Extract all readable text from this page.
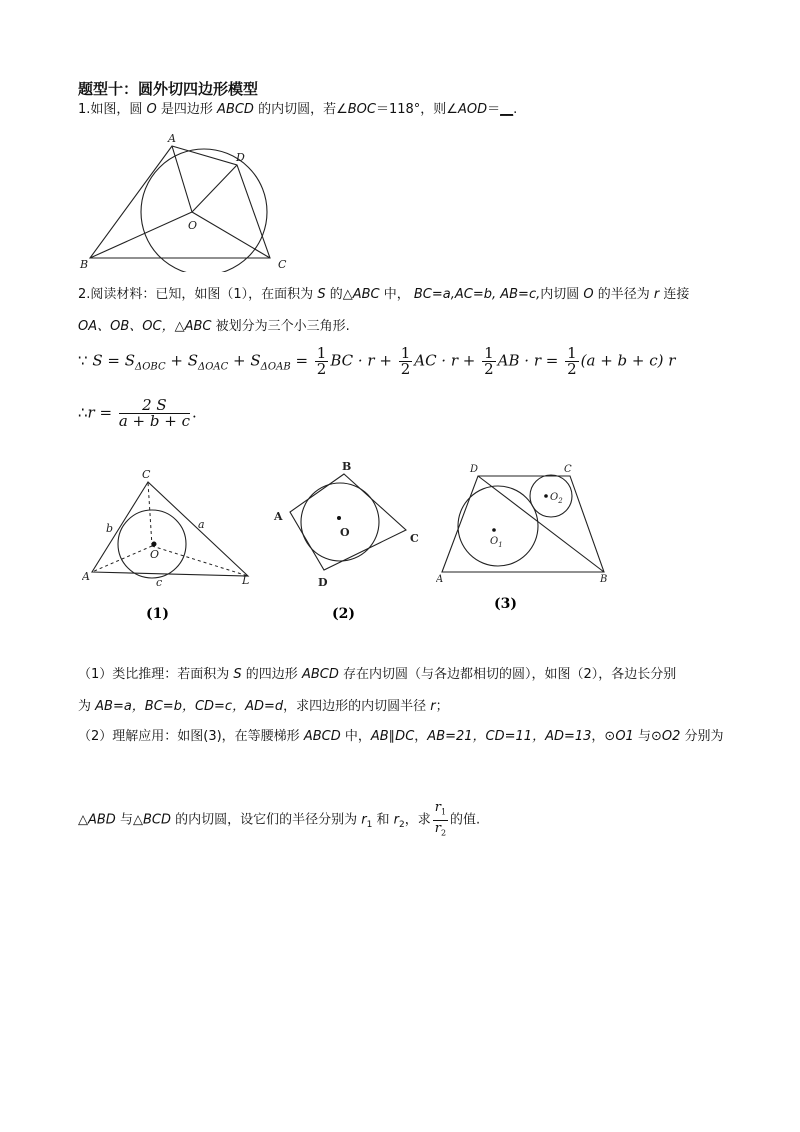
题型十：圆外切四边形模型
1.如图，圆 O 是四边形 ABCD 的内切圆，若∠BOC＝118°，则∠AOD＝__.
A
D
O
B	C
2.阅读材料：已知，如图（1），在面积为 S 的△ABC 中， BC=a,AC=b, AB=c,内切圆 O 的半径为 r 连接
OA、OB、OC，△ABC 被划分为三个小三角形.
∵ $S = S_{\Delta OBC} + S_{\Delta OAC} + S_{\Delta OAB} = \frac{1}{2}$ BC · $r + \frac{1}{2}$ AC · $r + \frac{1}{2}$ AB · $r = \frac{1}{2} (a + b + c)$ r
∴r = $\frac{2 S}{a + b + c}$ .
C
b	a
O
A	L
c
(1)
B
A
C
D
O
(2)
D	C
A	B
$O_1$
$O_2$
(3)
（1）类比推理：若面积为 S 的四边形 ABCD 存在内切圆（与各边都相切的圆），如图（2），各边长分别
为 AB=a，BC=b，CD=c，AD=d，求四边形的内切圆半径 r；
（2）理解应用：如图(3)，在等腰梯形 ABCD 中，AB∥DC，AB=21，CD=11，AD=13，⊙O1 与⊙O2 分别为
△ABD 与△BCD 的内切圆，设它们的半径分别为 $r_1$ 和 $r_2$，求 $\frac{r_1}{r_2}$ 的值.
